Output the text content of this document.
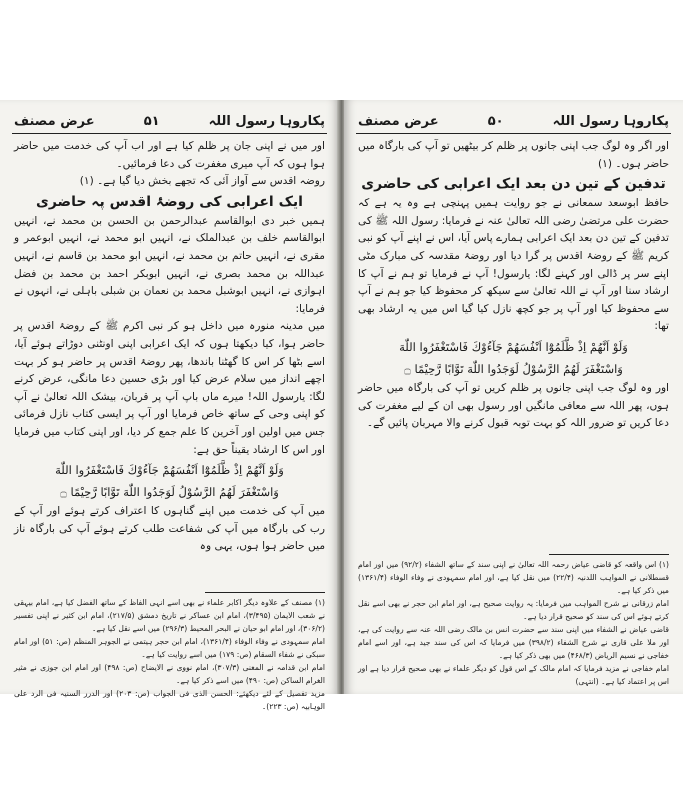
پکاروہا رسول اللہ
۵۱
عرض مصنف

اور میں نے اپنی جان پر ظلم کیا ہے اور اب آپ کی خدمت میں حاضر ہوا ہوں کہ آپ میری مغفرت کی دعا فرمائیں۔

روضہ اقدس سے آواز آئی کہ تجھے بخش دیا گیا ہے۔ (۱)

ایک اعرابی کی روضۂ اقدس پہ حاضری

ہمیں خبر دی ابوالقاسم عبدالرحمن بن الحسن بن محمد نے، انہیں ابوالقاسم خلف بن عبدالملک نے، انہیں ابو محمد نے، انہیں ابوعمر و مقری نے، انہیں حاتم بن محمد نے، انہیں ابو محمد بن قاسم نے، انہیں عبداللہ بن محمد بصری نے، انہیں ابوبکر احمد بن محمد بن فضل اہوازی نے، انہیں ابوشبل محمد بن نعمان بن شبلی باہلی نے، انہوں نے فرمایا:

میں مدینہ منورہ میں داخل ہو کر نبی اکرم ﷺ کے روضۂ اقدس پر حاضر ہوا، کیا دیکھتا ہوں کہ ایک اعرابی اپنی اونٹنی دوڑاتے ہوئے آیا، اسے بٹھا کر اس کا گھٹنا باندھا، پھر روضۂ اقدس پر حاضر ہو کر بہت اچھے انداز میں سلام عرض کیا اور بڑی حسین دعا مانگی، عرض کرنے لگا: یارسول اللہ! میرے ماں باپ آپ پر قربان، بیشک اللہ تعالیٰ نے آپ کو اپنی وحی کے ساتھ خاص فرمایا اور آپ پر ایسی کتاب نازل فرمائی جس میں اولین اور آخرین کا علم جمع کر دیا، اور اپنی کتاب میں فرمایا اور اس کا ارشاد یقیناً حق ہے:

وَلَوْ اَنَّهُمْ اِذْ ظَّلَمُوْٓا اَنْفُسَهُمْ جَآءُوْكَ فَاسْتَغْفَرُوا اللّٰهَ

وَاسْتَغْفَرَ لَهُمُ الرَّسُوْلُ لَوَجَدُوا اللّٰهَ تَوَّابًا رَّحِيْمًا ۝

میں آپ کی خدمت میں اپنے گناہوں کا اعتراف کرتے ہوئے اور آپ کے رب کی بارگاہ میں آپ کی شفاعت طلب کرتے ہوئے آپ کی بارگاہ ناز میں حاضر ہوا ہوں، یہی وہ

(۱) مصنف کے علاوہ دیگر اکابر علماء نے بھی اسے انہی الفاظ کے ساتھ الفضل کیا ہے، امام بیہقی نے شعب الایمان (۳/۴۹۵)، امام ابن عساکر نے تاریخ دمشق (۲۱۷/۵)، امام ابن کثیر نے اپنی تفسیر (۳۰۶/۲)، اور امام ابو حیان نے البحر المحیط (۲۹۶/۳) میں اسے نقل کیا ہے۔

امام سمہودی نے وفاء الوفاء (۱۳۶۱/۴)، امام ابن حجر ہیتمی نے الجوہر المنظم (ص: ۵۱) اور امام سبکی نے شفاء السقام (ص: ۱۷۹) میں اسے روایت کیا ہے۔

امام ابن قدامہ نے المغنی (۳۰۷/۳)، امام نووی نے الایضاح (ص: ۴۹۸) اور امام ابن جوزی نے مثیر الغرام الساکن (ص: ۴۹۰) میں اسے ذکر کیا ہے۔

مزید تفصیل کے لئے دیکھئے: الحسن الذی فی الجواب (ص: ۲۰۳) اور الدرر السنیہ فی الرد علی الوہابیہ (ص: ۲۲۳)۔

پکاروہا رسول اللہ
۵۰
عرض مصنف

اور اگر وہ لوگ جب اپنی جانوں پر ظلم کر بیٹھیں تو آپ کی بارگاہ میں حاضر ہوں۔ (۱)

تدفین کے تین دن بعد ایک اعرابی کی حاضری

حافظ ابوسعد سمعانی نے جو روایت ہمیں پہنچی ہے وہ یہ ہے کہ حضرت علی مرتضیٰ رضی اللہ تعالیٰ عنہ نے فرمایا: رسول اللہ ﷺ کی تدفین کے تین دن بعد ایک اعرابی ہمارے پاس آیا، اس نے اپنے آپ کو نبی کریم ﷺ کے روضۂ اقدس پر گرا دیا اور روضۂ مقدسہ کی مبارک مٹی اپنے سر پر ڈالی اور کہنے لگا: یارسول! آپ نے فرمایا تو ہم نے آپ کا ارشاد سنا اور آپ نے اللہ تعالیٰ سے سیکھ کر محفوظ کیا جو ہم نے آپ سے محفوظ کیا اور آپ پر جو کچھ نازل کیا گیا اس میں یہ ارشاد بھی تھا:

وَلَوْ اَنَّهُمْ اِذْ ظَّلَمُوْٓا اَنْفُسَهُمْ جَآءُوْكَ فَاسْتَغْفَرُوا اللّٰهَ

وَاسْتَغْفَرَ لَهُمُ الرَّسُوْلُ لَوَجَدُوا اللّٰهَ تَوَّابًا رَّحِيْمًا ۝

اور وہ لوگ جب اپنی جانوں پر ظلم کریں تو آپ کی بارگاہ میں حاضر ہوں، پھر اللہ سے معافی مانگیں اور رسول بھی ان کے لیے مغفرت کی دعا کریں تو ضرور اللہ کو بہت توبہ قبول کرنے والا مہربان پائیں گے۔

(۱) اس واقعہ کو قاضی عیاض رحمہ اللہ تعالیٰ نے اپنی سند کے ساتھ الشفاء (۹۲/۲) میں اور امام قسطلانی نے المواہب اللدنیہ (۲۲/۴) میں نقل کیا ہے، اور امام سمہودی نے وفاء الوفاء (۱۳۶۱/۴) میں ذکر کیا ہے۔

امام زرقانی نے شرح المواہب میں فرمایا: یہ روایت صحیح ہے، اور امام ابن حجر نے بھی اسے نقل کرتے ہوئے اس کی سند کو صحیح قرار دیا ہے۔

قاضی عیاض نے الشفاء میں اپنی سند سے حضرت انس بن مالک رضی اللہ عنہ سے روایت کی ہے، اور ملا علی قاری نے شرح الشفاء (۳۹۸/۲) میں فرمایا کہ اس کی سند جید ہے، اور اسے امام خفاجی نے نسیم الریاض (۴۶۸/۳) میں بھی ذکر کیا ہے۔

امام خفاجی نے مزید فرمایا کہ امام مالک کے اس قول کو دیگر علماء نے بھی صحیح قرار دیا ہے اور اس پر اعتماد کیا ہے۔ (انتہی)
